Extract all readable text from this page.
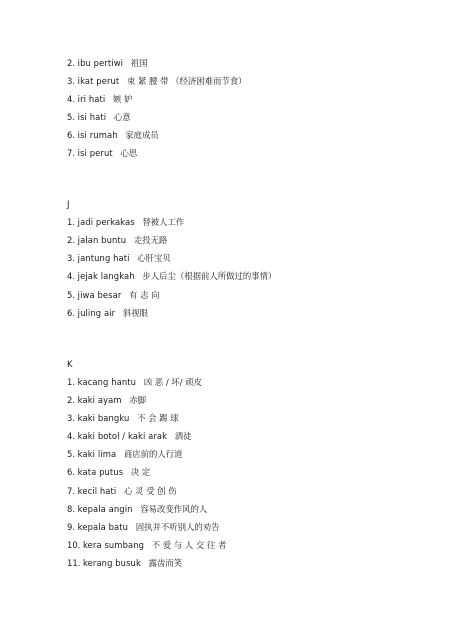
2. ibu pertiwi 祖国
3. ikat perut 束 紧 腰 带 （经济困难而节食）
4. iri hati 嫉 妒
5. isi hati 心意
6. isi rumah 家庭成员
7. isi perut 心思
J
1. jadi perkakas 替被人工作
2. jalan buntu 走投无路
3. jantung hati 心肝宝贝
4. jejak langkah 步人后尘（根据前人所做过的事情）
5. jiwa besar 有 志 向
6. juling air 斜视眼
K
1. kacang hantu 凶 恶 / 坏/ 顽皮
2. kaki ayam 赤脚
3. kaki bangku 不 会 踢 球
4. kaki botol / kaki arak 酒徒
5. kaki lima 商店前的人行道
6. kata putus 决 定
7. kecil hati 心 灵 受 创 伤
8. kepala angin 容易改变作风的人
9. kepala batu 固执并不听别人的劝告
10. kera sumbang 不 爱 与 人 交 往 者
11. kerang busuk 露齿而笑
